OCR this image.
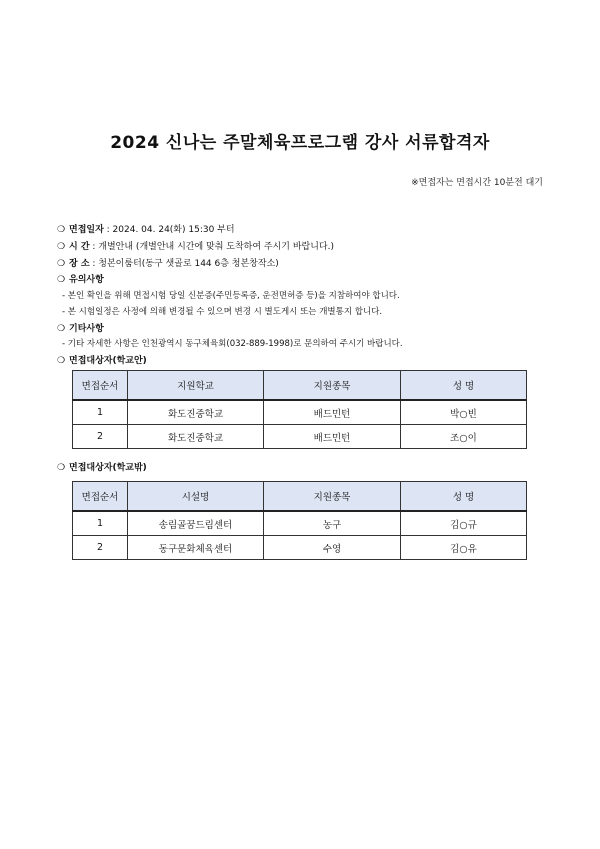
2024 신나는 주말체육프로그램 강사 서류합격자
※면접자는 면접시간 10분전 대기
❍ 면접일자 : 2024. 04. 24(화) 15:30 부터
❍ 시 간 : 개별안내 (개별안내 시간에 맞춰 도착하여 주시기 바랍니다.)
❍ 장 소 : 청본이룸터(동구 샛골로 144 6층 청본창작소)
❍ 유의사항
- 본인 확인을 위해 면접시험 당일 신분증(주민등록증, 운전면허증 등)을 지참하여야 합니다.
- 본 시험일정은 사정에 의해 변경될 수 있으며 변경 시 별도게시 또는 개별통지 합니다.
❍ 기타사항
- 기타 자세한 사항은 인천광역시 동구체육회(032-889-1998)로 문의하여 주시기 바랍니다.
❍ 면접대상자(학교안)
면접순서	지원학교	지원종목	성 명
1	화도진중학교	배드민턴	박○빈
2	화도진중학교	배드민턴	조○이
❍ 면접대상자(학교밖)
면접순서	시설명	지원종목	성 명
1	송림골꿈드림센터	농구	김○규
2	동구문화체육센터	수영	김○유
